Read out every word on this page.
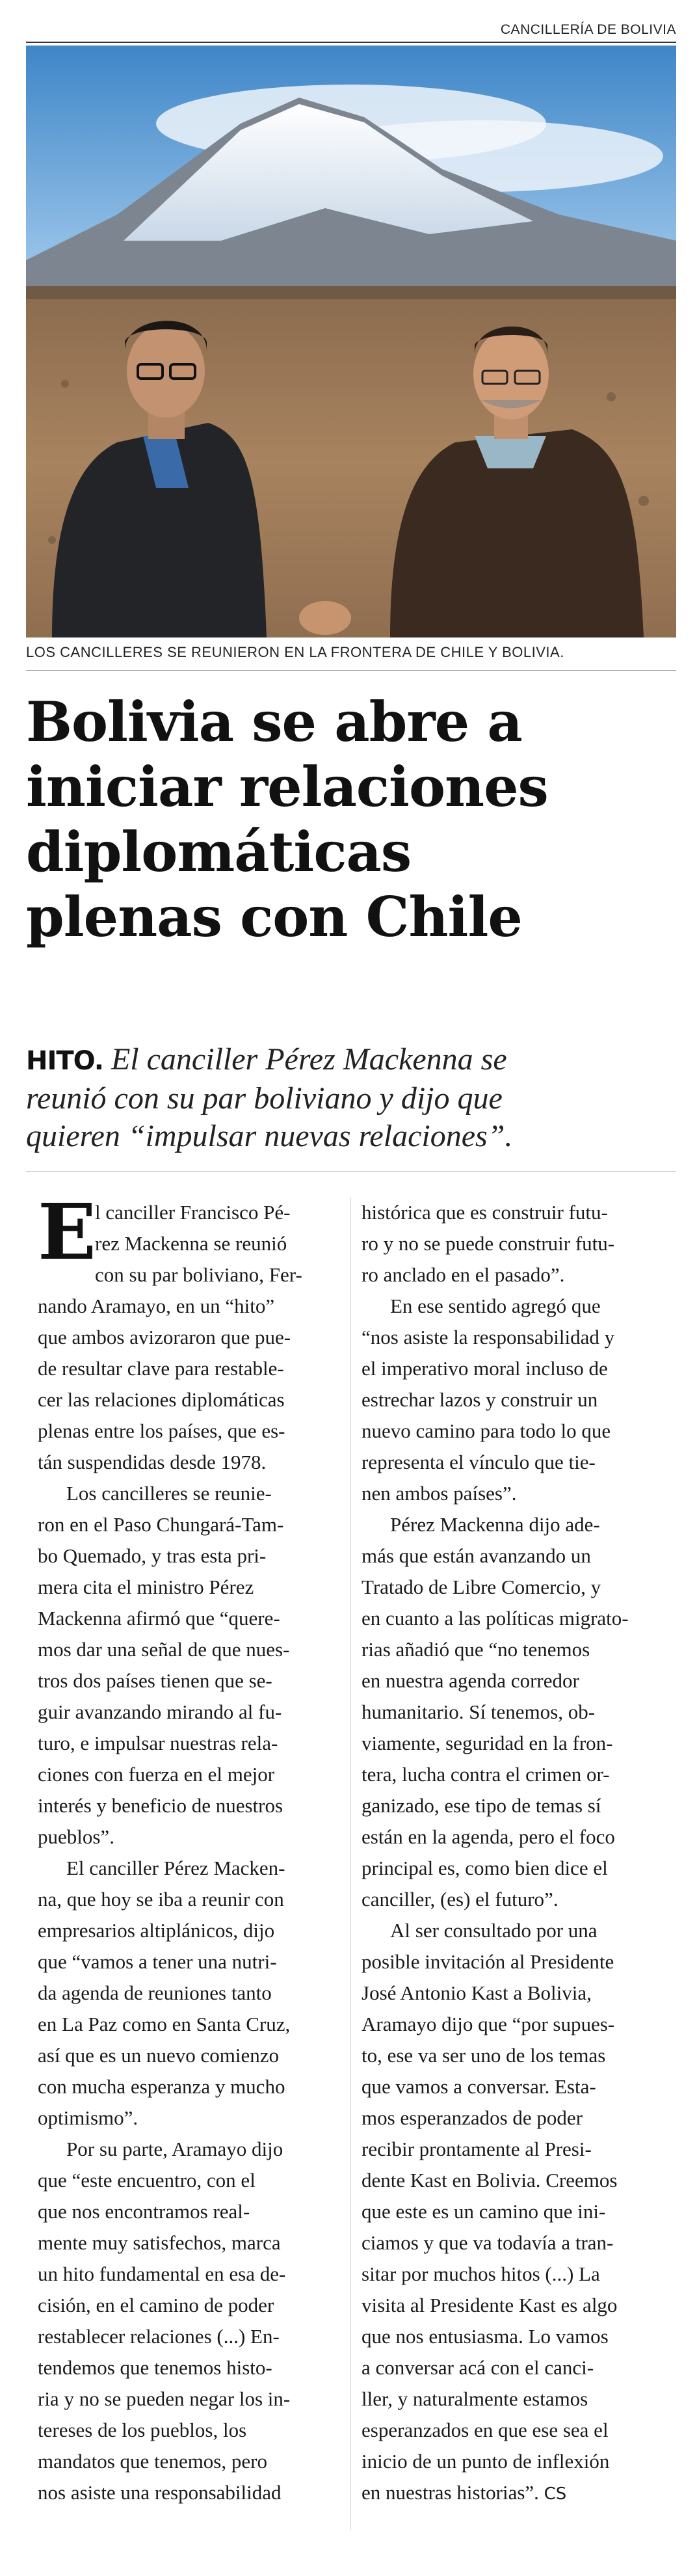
CANCILLERÍA DE BOLIVIA
LOS CANCILLERES SE REUNIERON EN LA FRONTERA DE CHILE Y BOLIVIA.
Bolivia se abre a
iniciar relaciones
diplomáticas
plenas con Chile
HITO. El canciller Pérez Mackenna se
reunió con su par boliviano y dijo que
quieren “impulsar nuevas relaciones”.
E
l canciller Francisco Pé-
rez Mackenna se reunió
con su par boliviano, Fer-
nando Aramayo, en un “hito”
que ambos avizoraron que pue-
de resultar clave para restable-
cer las relaciones diplomáticas
plenas entre los países, que es-
tán suspendidas desde 1978.
Los cancilleres se reunie-
ron en el Paso Chungará-Tam-
bo Quemado, y tras esta pri-
mera cita el ministro Pérez
Mackenna afirmó que “quere-
mos dar una señal de que nues-
tros dos países tienen que se-
guir avanzando mirando al fu-
turo, e impulsar nuestras rela-
ciones con fuerza en el mejor
interés y beneficio de nuestros
pueblos”.
El canciller Pérez Macken-
na, que hoy se iba a reunir con
empresarios altiplánicos, dijo
que “vamos a tener una nutri-
da agenda de reuniones tanto
en La Paz como en Santa Cruz,
así que es un nuevo comienzo
con mucha esperanza y mucho
optimismo”.
Por su parte, Aramayo dijo
que “este encuentro, con el
que nos encontramos real-
mente muy satisfechos, marca
un hito fundamental en esa de-
cisión, en el camino de poder
restablecer relaciones (...) En-
tendemos que tenemos histo-
ria y no se pueden negar los in-
tereses de los pueblos, los
mandatos que tenemos, pero
nos asiste una responsabilidad
histórica que es construir futu-
ro y no se puede construir futu-
ro anclado en el pasado”.
En ese sentido agregó que
“nos asiste la responsabilidad y
el imperativo moral incluso de
estrechar lazos y construir un
nuevo camino para todo lo que
representa el vínculo que tie-
nen ambos países”.
Pérez Mackenna dijo ade-
más que están avanzando un
Tratado de Libre Comercio, y
en cuanto a las políticas migrato-
rias añadió que “no tenemos
en nuestra agenda corredor
humanitario. Sí tenemos, ob-
viamente, seguridad en la fron-
tera, lucha contra el crimen or-
ganizado, ese tipo de temas sí
están en la agenda, pero el foco
principal es, como bien dice el
canciller, (es) el futuro”.
Al ser consultado por una
posible invitación al Presidente
José Antonio Kast a Bolivia,
Aramayo dijo que “por supues-
to, ese va ser uno de los temas
que vamos a conversar. Esta-
mos esperanzados de poder
recibir prontamente al Presi-
dente Kast en Bolivia. Creemos
que este es un camino que ini-
ciamos y que va todavía a tran-
sitar por muchos hitos (...) La
visita al Presidente Kast es algo
que nos entusiasma. Lo vamos
a conversar acá con el canci-
ller, y naturalmente estamos
esperanzados en que ese sea el
inicio de un punto de inflexión
en nuestras historias”. CS
